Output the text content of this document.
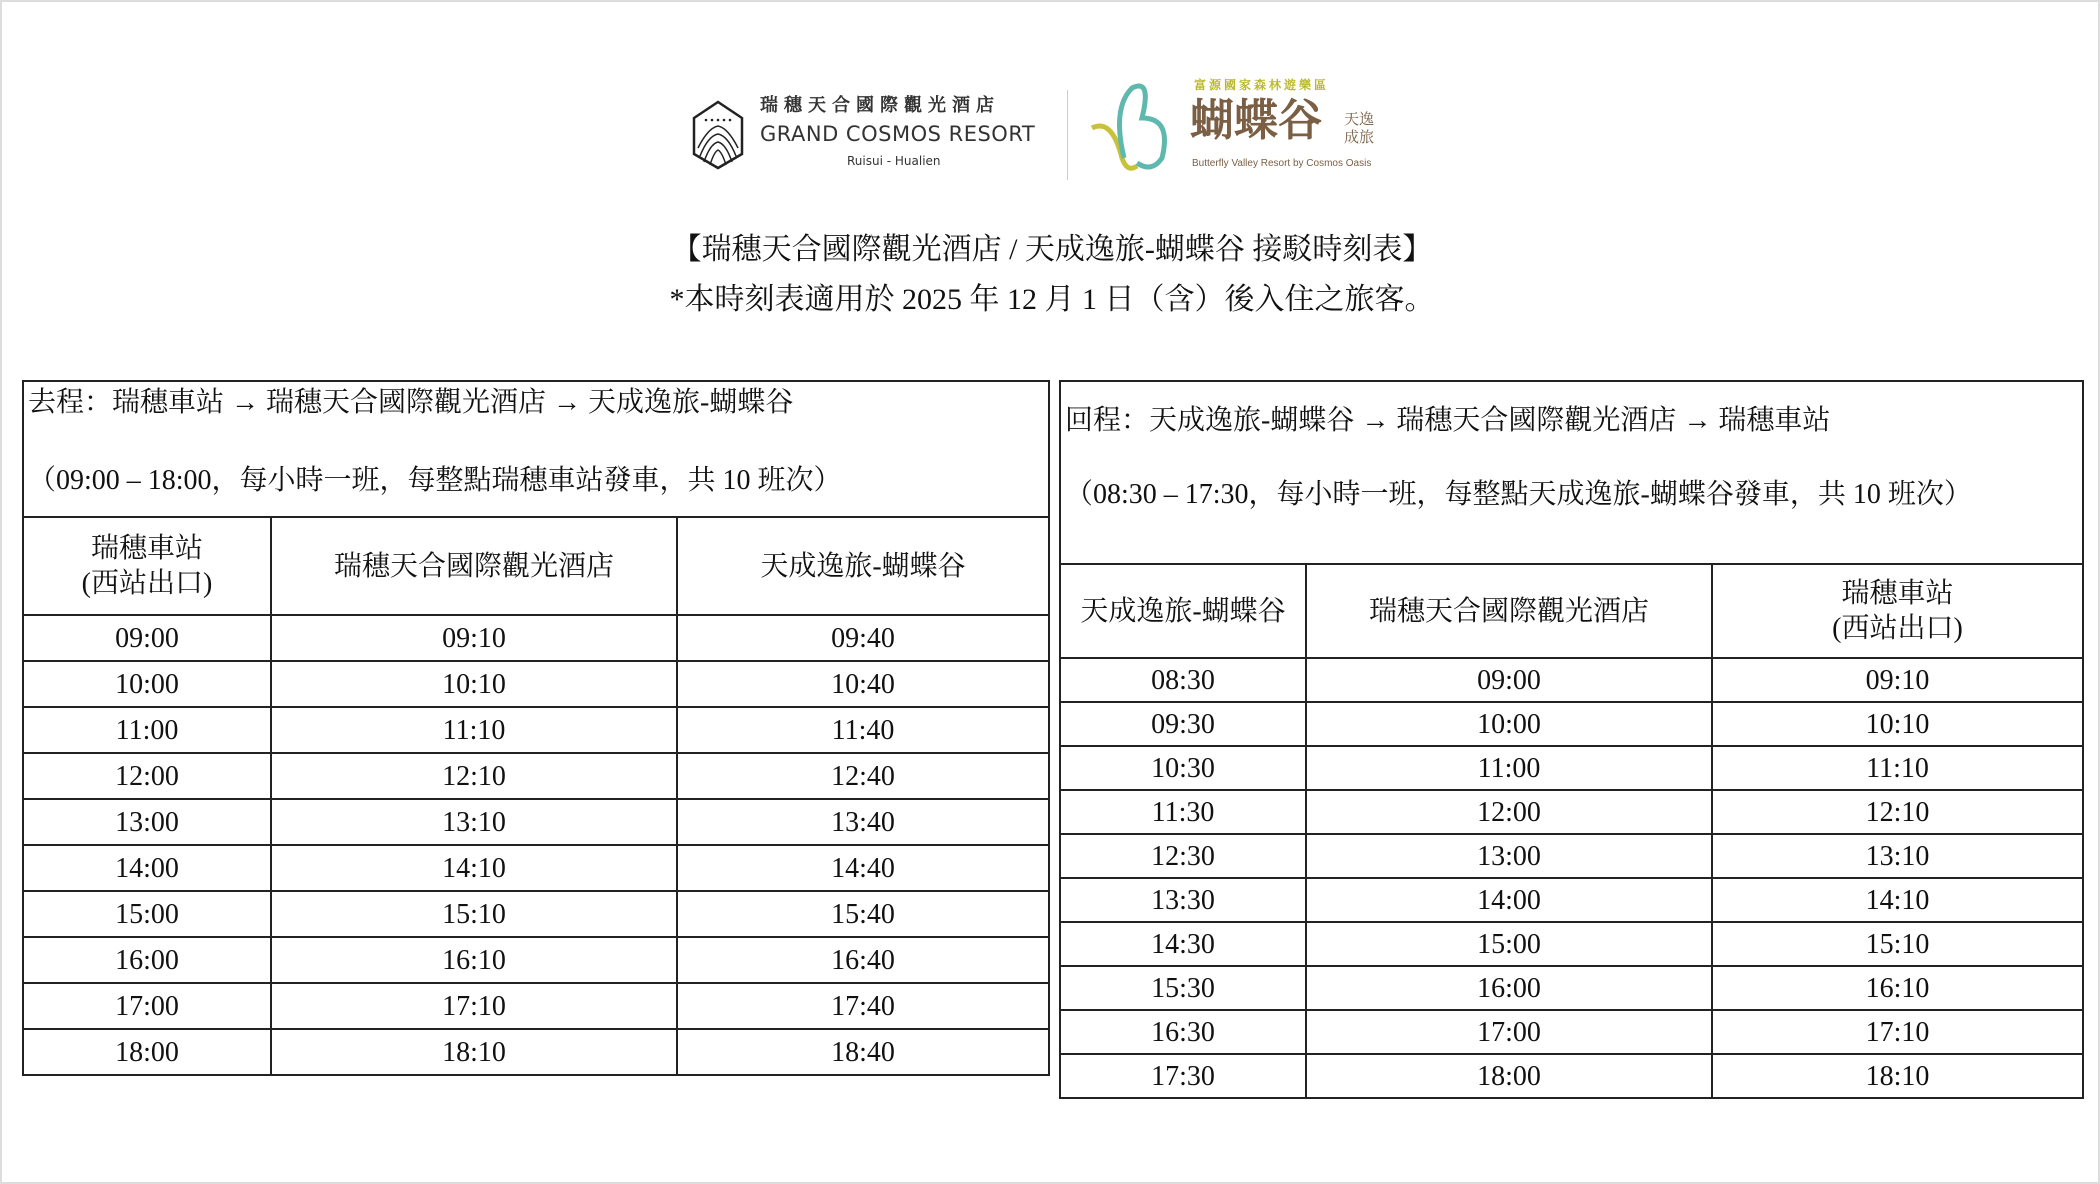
瑞穗天合國際觀光酒店
GRAND COSMOS RESORT
Ruisui - Hualien
富源國家森林遊樂區
蝴蝶谷 天逸成旅
Butterfly Valley Resort by Cosmos Oasis
【瑞穗天合國際觀光酒店 / 天成逸旅-蝴蝶谷 接駁時刻表】
*本時刻表適用於 2025 年 12 月 1 日（含）後入住之旅客。
去程：瑞穗車站 → 瑞穗天合國際觀光酒店 → 天成逸旅-蝴蝶谷
（09:00 – 18:00，每小時一班，每整點瑞穗車站發車，共 10 班次）		

瑞穗車站
(西站出口)	瑞穗天合國際觀光酒店	天成逸旅-蝴蝶谷
09:00	09:10	09:40
10:00	10:10	10:40
11:00	11:10	11:40
12:00	12:10	12:40
13:00	13:10	13:40
14:00	14:10	14:40
15:00	15:10	15:40
16:00	16:10	16:40
17:00	17:10	17:40
18:00	18:10	18:40
回程：天成逸旅-蝴蝶谷 → 瑞穗天合國際觀光酒店 → 瑞穗車站
（08:30 – 17:30，每小時一班，每整點天成逸旅-蝴蝶谷發車，共 10 班次）		

天成逸旅-蝴蝶谷	瑞穗天合國際觀光酒店	瑞穗車站
(西站出口)

08:30	09:00	09:10
09:30	10:00	10:10
10:30	11:00	11:10
11:30	12:00	12:10
12:30	13:00	13:10
13:30	14:00	14:10
14:30	15:00	15:10
15:30	16:00	16:10
16:30	17:00	17:10
17:30	18:00	18:10
